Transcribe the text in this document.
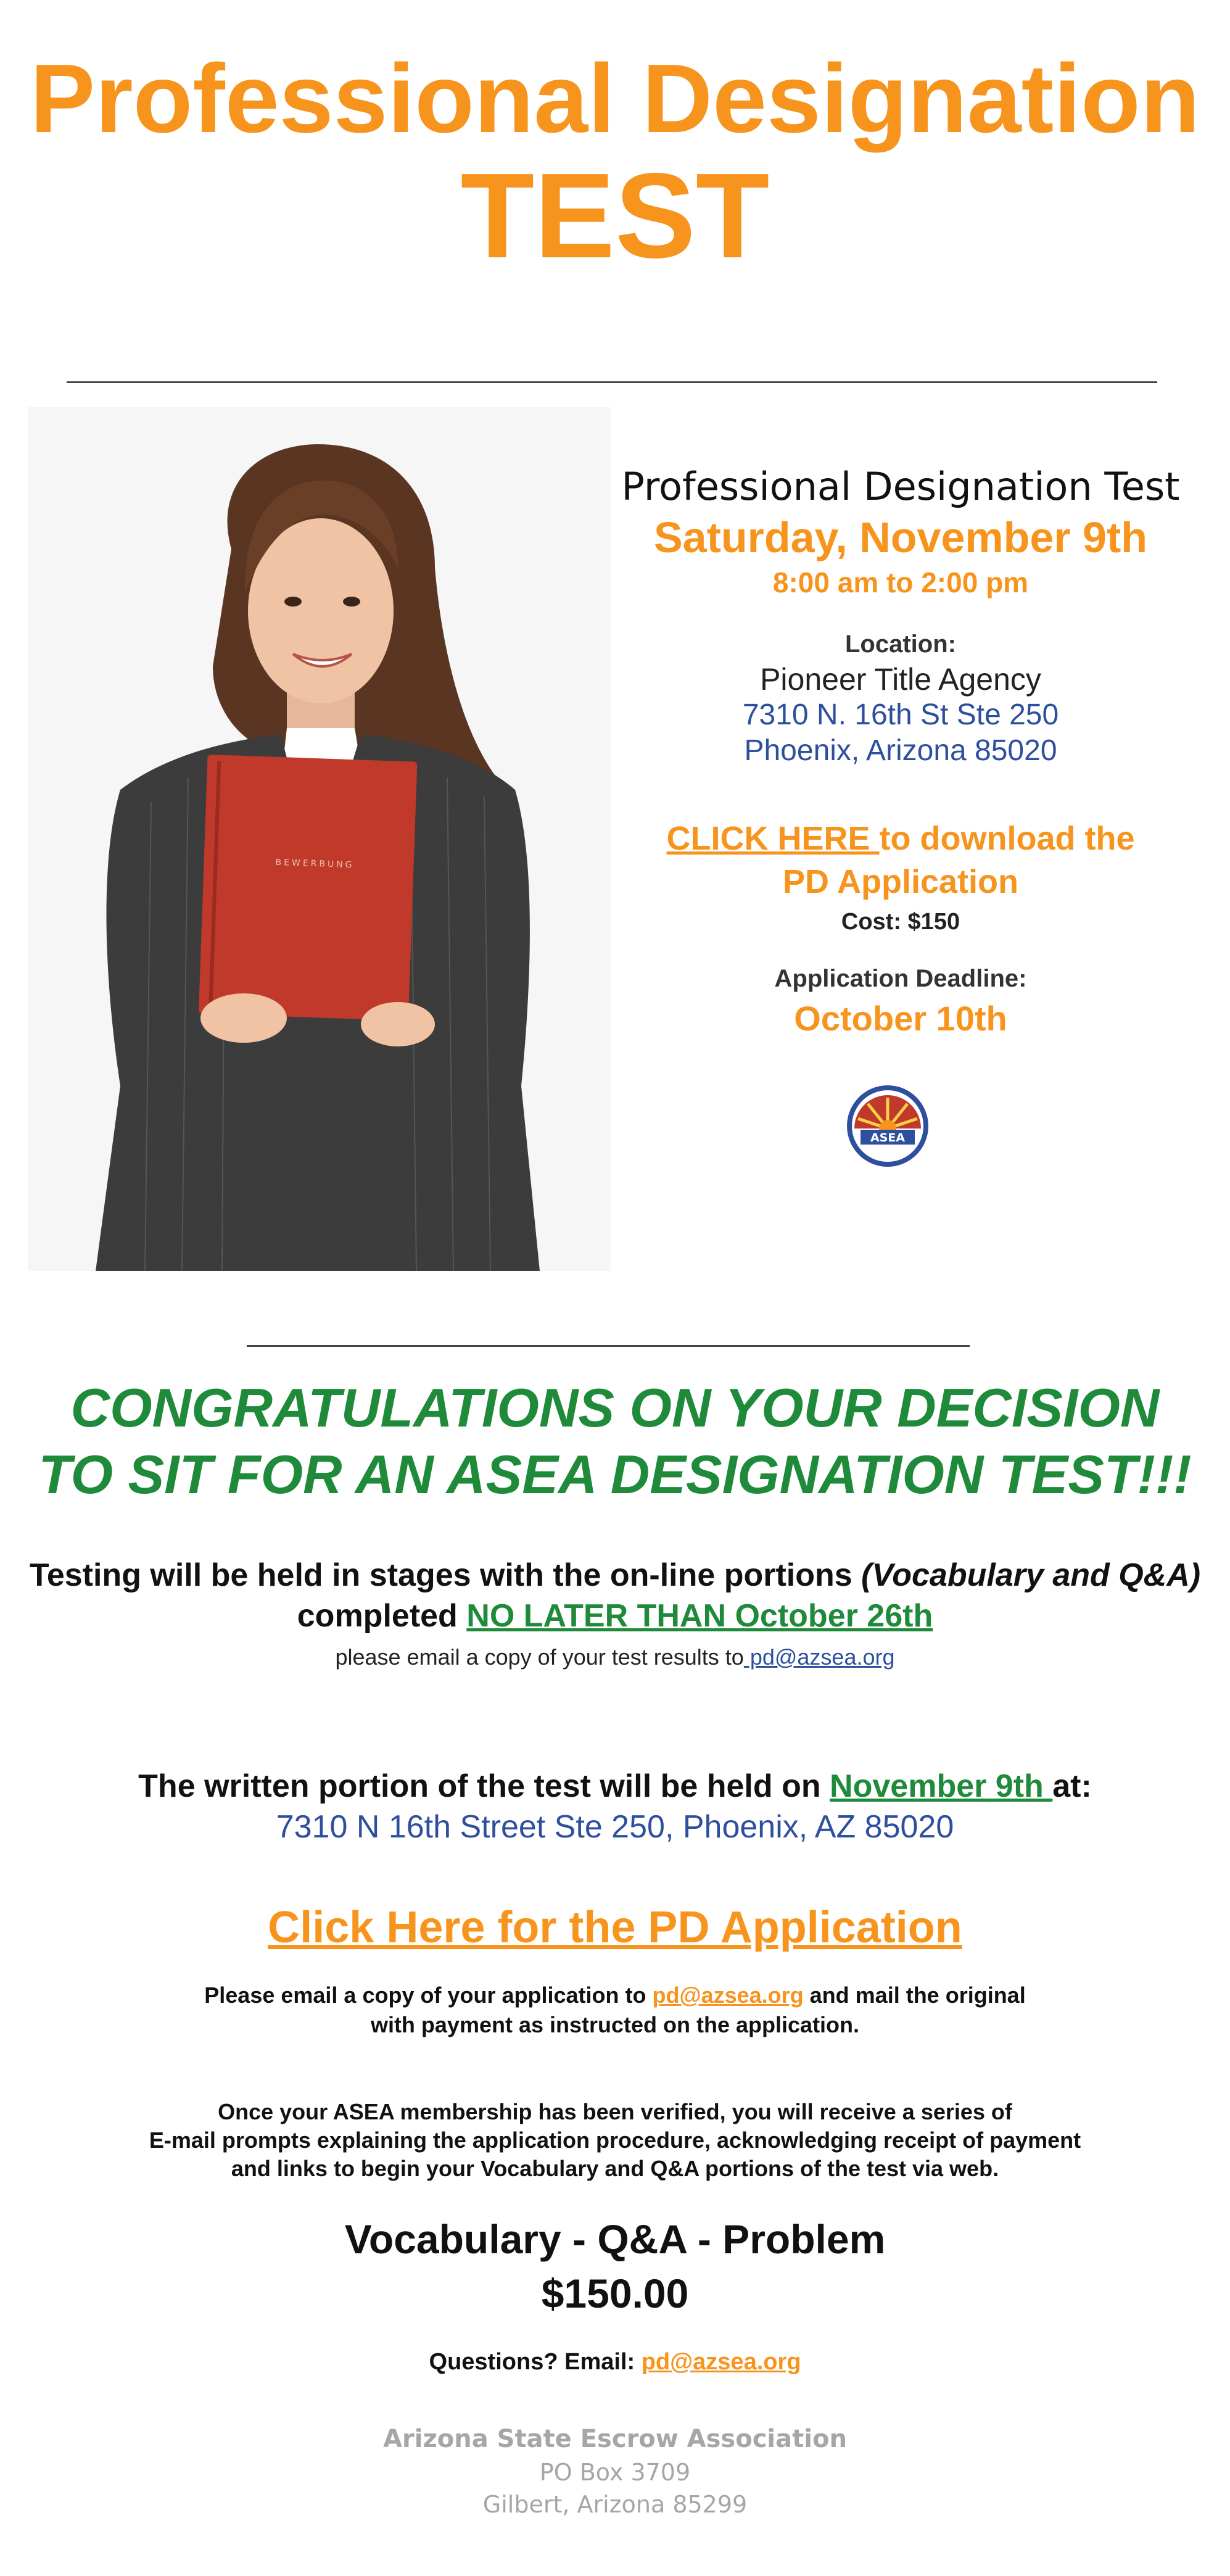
Professional Designation
TEST
BEWERBUNG
Professional Designation Test
Saturday, November 9th
8:00 am to 2:00 pm
Location:
Pioneer Title Agency
7310 N. 16th St Ste 250
Phoenix, Arizona 85020
CLICK HERE to download the
PD Application
Cost: $150
Application Deadline:
October 10th
ASEA
CONGRATULATIONS ON YOUR DECISION
TO SIT FOR AN ASEA DESIGNATION TEST!!!
Testing will be held in stages with the on-line portions (Vocabulary and Q&A)
completed NO LATER THAN October 26th
please email a copy of your test results to pd@azsea.org
The written portion of the test will be held on November 9th at:
7310 N 16th Street Ste 250, Phoenix, AZ 85020
Click Here for the PD Application
Please email a copy of your application to pd@azsea.org and mail the original
with payment as instructed on the application.
Once your ASEA membership has been verified, you will receive a series of
E-mail prompts explaining the application procedure, acknowledging receipt of payment
and links to begin your Vocabulary and Q&A portions of the test via web.
Vocabulary - Q&A - Problem
$150.00
Questions? Email: pd@azsea.org
Arizona State Escrow Association
PO Box 3709
Gilbert, Arizona 85299
